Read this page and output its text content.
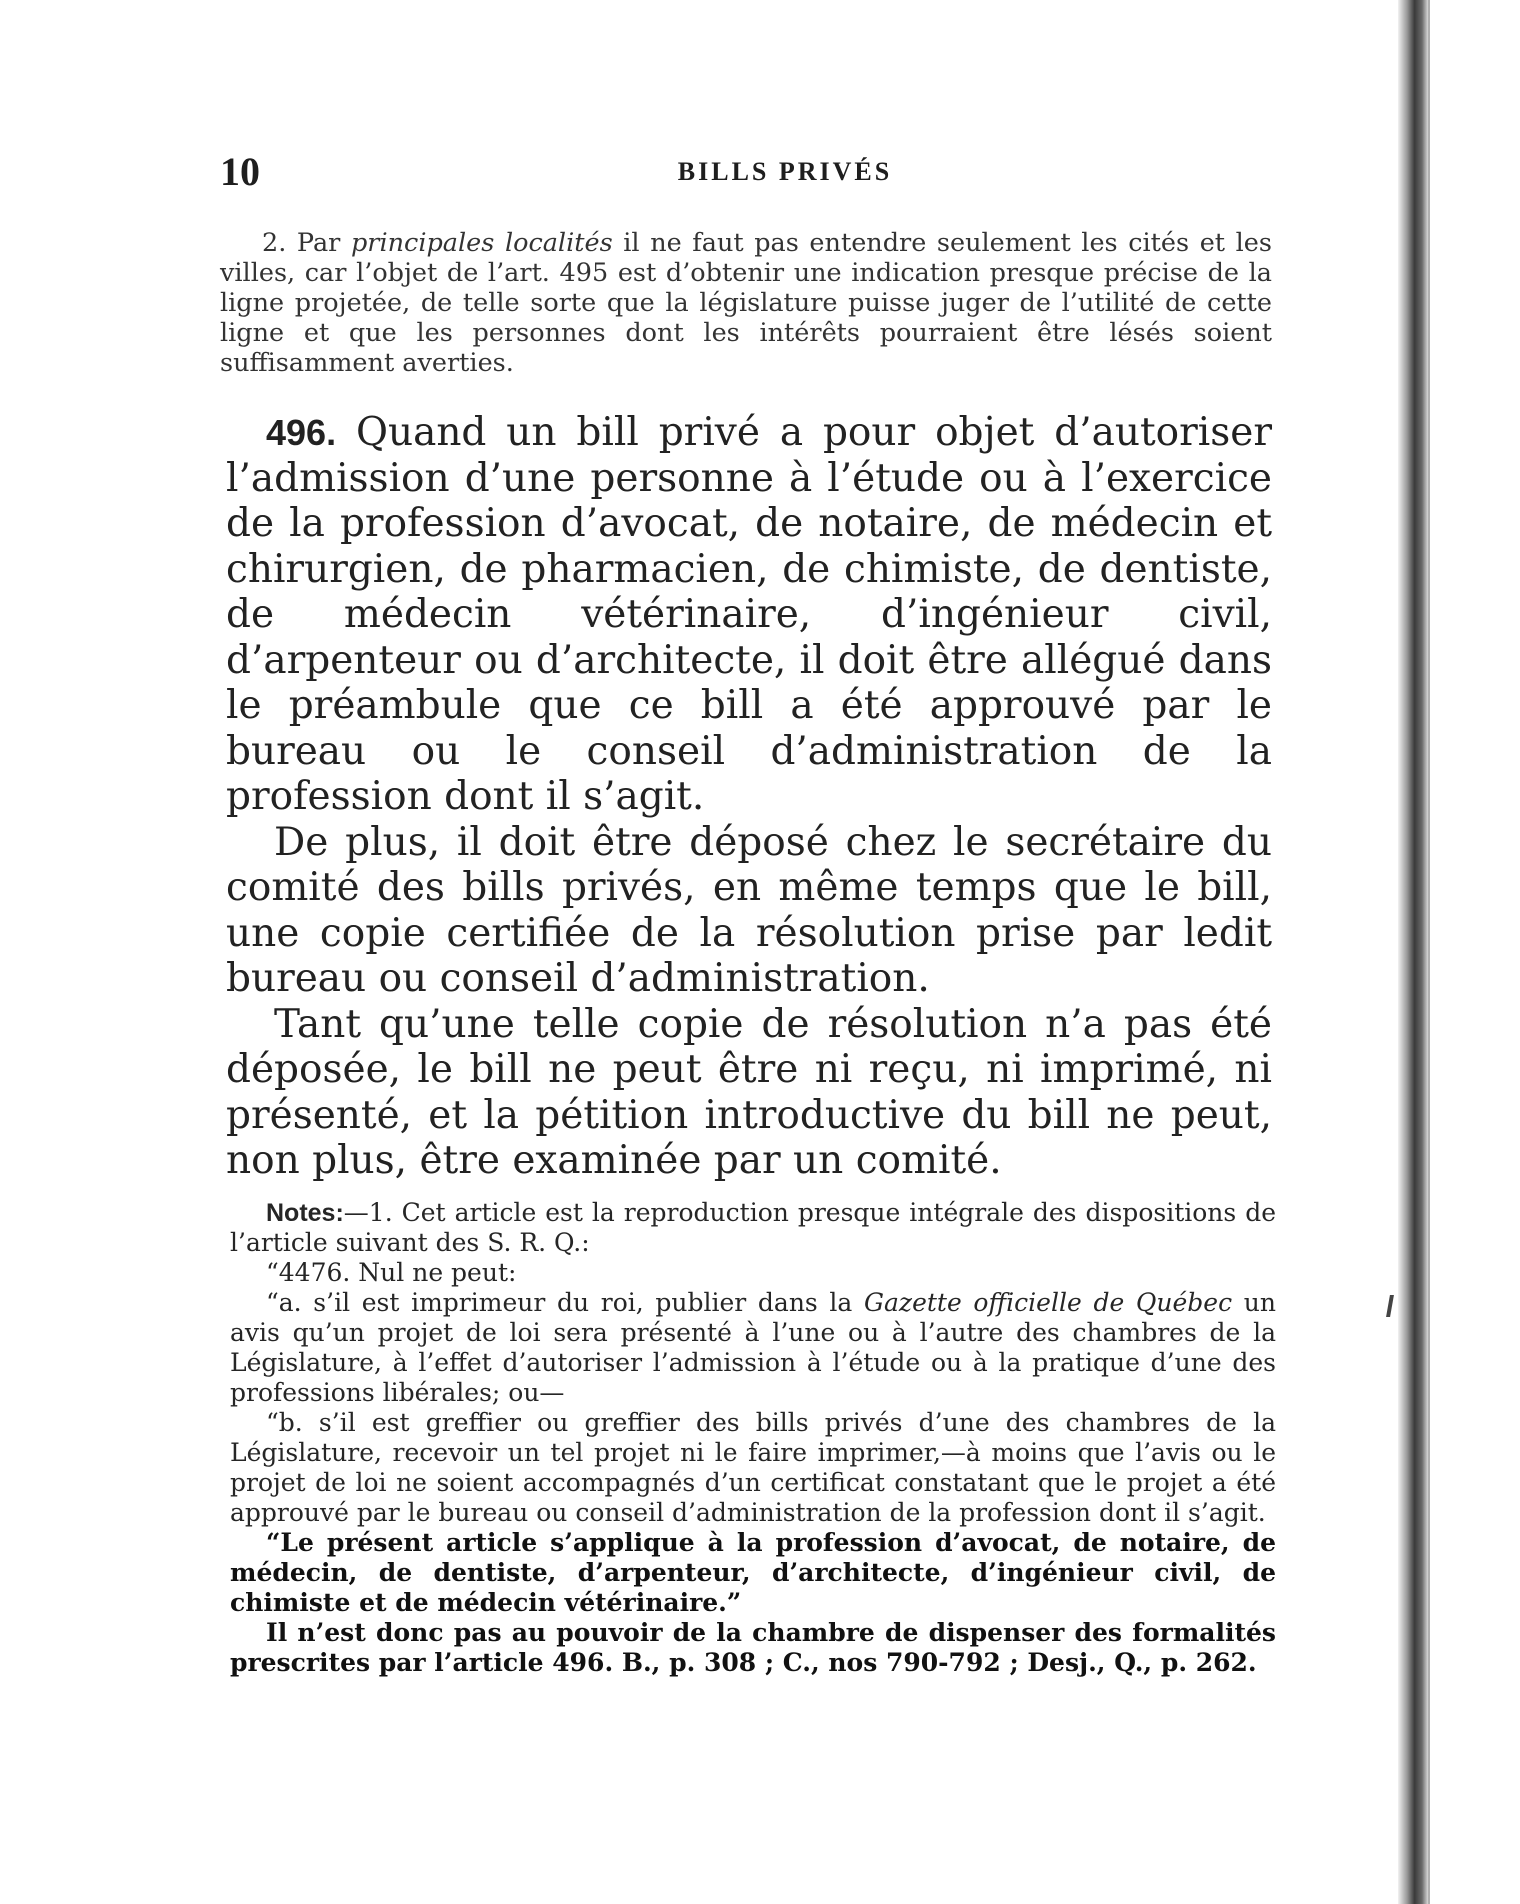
10	BILLS PRIVÉS
2. Par principales localités il ne faut pas entendre seulement les cités et les villes, car l’objet de l’art. 495 est d’obtenir une indication presque précise de la ligne projetée, de telle sorte que la législature puisse juger de l’utilité de cette ligne et que les personnes dont les intérêts pourraient être lésés soient suffisamment averties.

496. Quand un bill privé a pour objet d’autoriser l’admission d’une personne à l’étude ou à l’exercice de la profession d’avocat, de notaire, de médecin et chirurgien, de pharmacien, de chimiste, de dentiste, de médecin vétérinaire, d’ingénieur civil, d’arpenteur ou d’architecte, il doit être allégué dans le préambule que ce bill a été approuvé par le bureau ou le conseil d’administration de la profession dont il s’agit.

De plus, il doit être déposé chez le secrétaire du comité des bills privés, en même temps que le bill, une copie certifiée de la résolution prise par ledit bureau ou conseil d’administration.

Tant qu’une telle copie de résolution n’a pas été déposée, le bill ne peut être ni reçu, ni imprimé, ni présenté, et la pétition introductive du bill ne peut, non plus, être examinée par un comité.

Notes:—1. Cet article est la reproduction presque intégrale des dispositions de l’article suivant des S. R. Q.:

“4476. Nul ne peut:

“a. s’il est imprimeur du roi, publier dans la Gazette officielle de Québec un avis qu’un projet de loi sera présenté à l’une ou à l’autre des chambres de la Législature, à l’effet d’autoriser l’admission à l’étude ou à la pratique d’une des professions libérales; ou—

“b. s’il est greffier ou greffier des bills privés d’une des chambres de la Législature, recevoir un tel projet ni le faire imprimer,—à moins que l’avis ou le projet de loi ne soient accompagnés d’un certificat constatant que le projet a été approuvé par le bureau ou conseil d’administration de la profession dont il s’agit.

“Le présent article s’applique à la profession d’avocat, de notaire, de médecin, de dentiste, d’arpenteur, d’architecte, d’ingénieur civil, de chimiste et de médecin vétérinaire.”

Il n’est donc pas au pouvoir de la chambre de dispenser des formalités prescrites par l’article 496. B., p. 308 ; C., nos 790-792 ; Desj., Q., p. 262.
